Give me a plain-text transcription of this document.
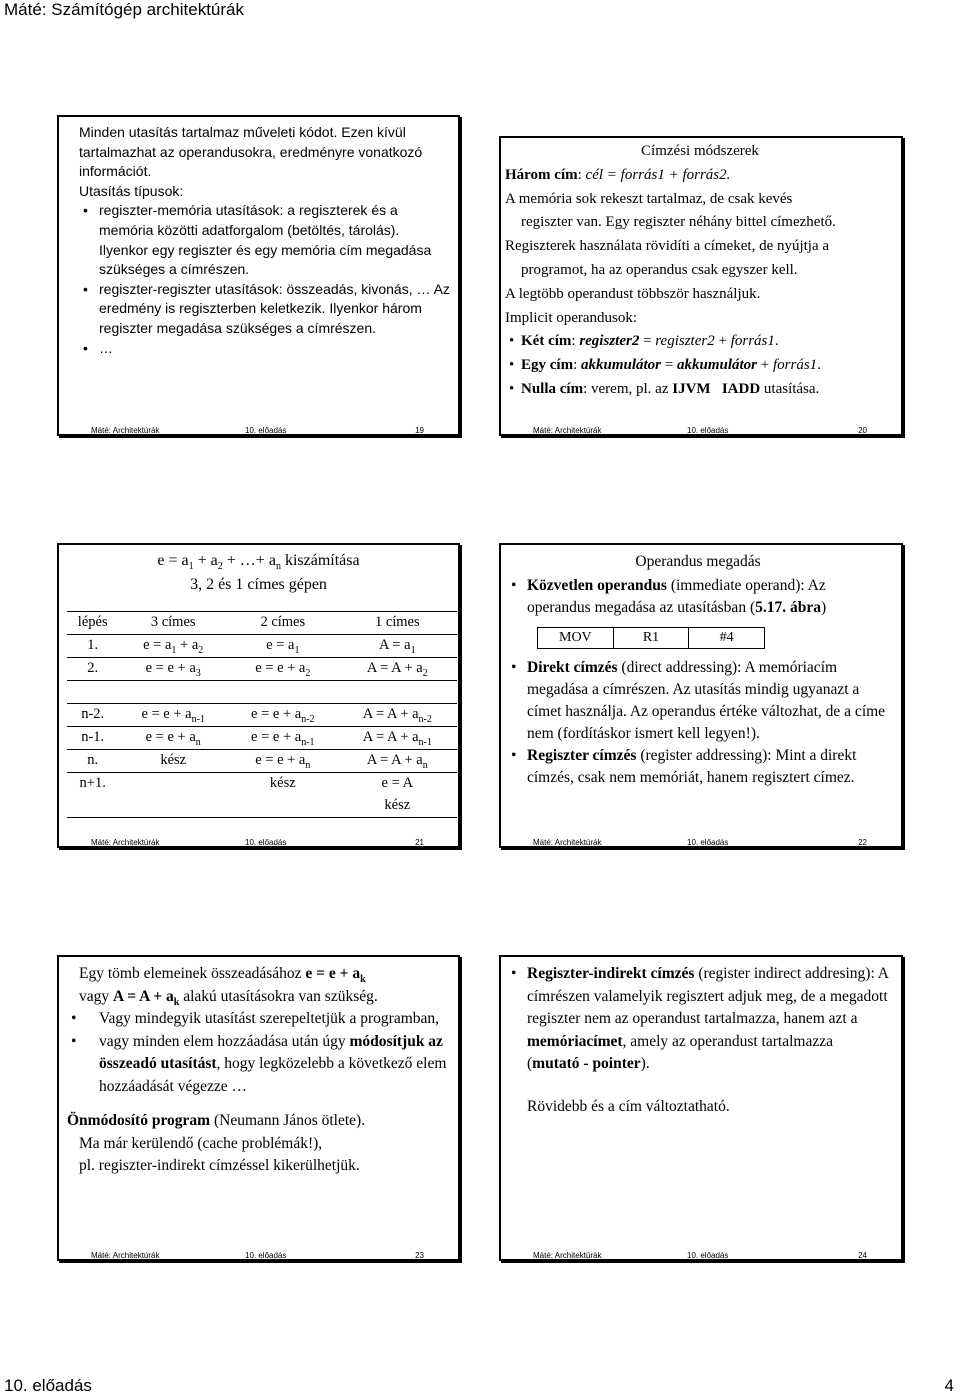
Máté: Számítógép architektúrák
Minden utasítás tartalmaz műveleti kódot. Ezen kívül tartalmazhat az operandusokra, eredményre vonatkozó információt.
Utasítás típusok:
• regiszter-memória utasítások: a regiszterek és a memória közötti adatforgalom (betöltés, tárolás). Ilyenkor egy regiszter és egy memória cím megadása szükséges a címrészen.
• regiszter-regiszter utasítások: összeadás, kivonás, … Az eredmény is regiszterben keletkezik. Ilyenkor három regiszter megadása szükséges a címrészen.
• …
Máté: Architektúrák	10. előadás	19
Címzési módszerek
Három cím: cél = forrás1 + forrás2.
A memória sok rekeszt tartalmaz, de csak kevés
regiszter van. Egy regiszter néhány bittel címezhető.
Regiszterek használata rövidíti a címeket, de nyújtja a
programot, ha az operandus csak egyszer kell.
A legtöbb operandust többször használjuk.
Implicit operandusok:
• Két cím: regiszter2 = regiszter2 + forrás1.
• Egy cím: akkumulátor = akkumulátor + forrás1.
• Nulla cím: verem, pl. az IJVM IADD utasítása.
Máté: Architektúrák	10. előadás	20
$e = a_1 + a_2$ + …+ $a_n$ kiszámítása
3, 2 és 1 címes gépen
lépés	3 címes	2 címes	1 címes
1.	$e = a_1 + a_2$	$e = a_1$	$A = a_1$
2.	$e = e + a_3$	$e = e + a_2$	$A = A + a_2$

n-2.	$e = e + a_{n-1}$	$e = e + a_{n-2}$	$A = A + a_{n-2}$
n-1.	$e = e + a_n$	$e = e + a_{n-1}$	$A = A + a_{n-1}$
n.	kész	$e = e + a_n$	$A = A + a_n$
n+1.		kész	e = A
			kész
Máté: Architektúrák	10. előadás	21
Operandus megadás
• Közvetlen operandus (immediate operand): Az operandus megadása az utasításban (5.17. ábra)
MOV	R1	#4
• Direkt címzés (direct addressing): A memóriacím megadása a címrészen. Az utasítás mindig ugyanazt a címet használja. Az operandus értéke változhat, de a címe nem (fordításkor ismert kell legyen!).
• Regiszter címzés (register addressing): Mint a direkt címzés, csak nem memóriát, hanem regisztert címez.
Máté: Architektúrák	10. előadás	22
Egy tömb elemeinek összeadásához $e = e + a_k$
vagy $A = A + a_k$ alakú utasításokra van szükség.
• Vagy mindegyik utasítást szerepeltetjük a programban,
• vagy minden elem hozzáadása után úgy módosítjuk az összeadó utasítást, hogy legközelebb a következő elem hozzáadását végezze …
Önmódosító program (Neumann János ötlete).
Ma már kerülendő (cache problémák!),
pl. regiszter-indirekt címzéssel kikerülhetjük.
Máté: Architektúrák	10. előadás	23
• Regiszter-indirekt címzés (register indirect addresing): A címrészen valamelyik regisztert adjuk meg, de a megadott regiszter nem az operandust tartalmazza, hanem azt a memóriacímet, amely az operandust tartalmazza (mutató - pointer).
Rövidebb és a cím változtatható.
Máté: Architektúrák	10. előadás	24
10. előadás	4
